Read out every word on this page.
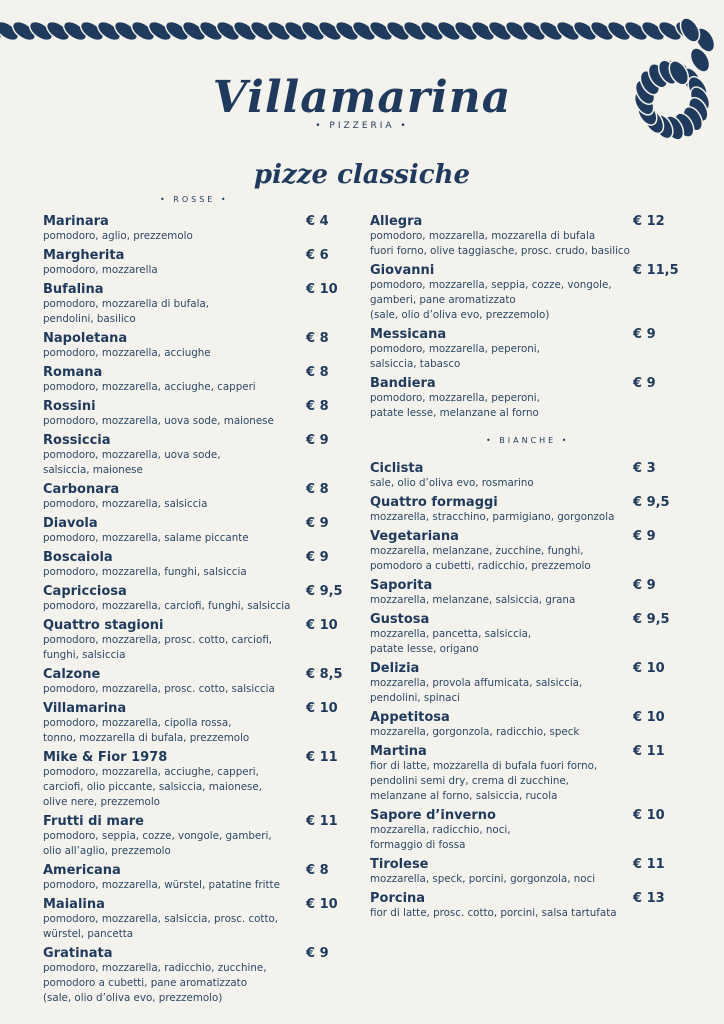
Villamarina
• PIZZERIA •
pizze classiche
• ROSSE •
• BIANCHE •
Marinara	€ 4
pomodoro, aglio, prezzemolo
Margherita	€ 6
pomodoro, mozzarella
Bufalina	€ 10
pomodoro, mozzarella di bufala,
pendolini, basilico
Napoletana	€ 8
pomodoro, mozzarella, acciughe
Romana	€ 8
pomodoro, mozzarella, acciughe, capperi
Rossini	€ 8
pomodoro, mozzarella, uova sode, maionese
Rossiccia	€ 9
pomodoro, mozzarella, uova sode,
salsiccia, maionese
Carbonara	€ 8
pomodoro, mozzarella, salsiccia
Diavola	€ 9
pomodoro, mozzarella, salame piccante
Boscaiola	€ 9
pomodoro, mozzarella, funghi, salsiccia
Capricciosa	€ 9,5
pomodoro, mozzarella, carciofi, funghi, salsiccia
Quattro stagioni	€ 10
pomodoro, mozzarella, prosc. cotto, carciofi,
funghi, salsiccia
Calzone	€ 8,5
pomodoro, mozzarella, prosc. cotto, salsiccia
Villamarina	€ 10
pomodoro, mozzarella, cipolla rossa,
tonno, mozzarella di bufala, prezzemolo
Mike & Fior 1978	€ 11
pomodoro, mozzarella, acciughe, capperi,
carciofi, olio piccante, salsiccia, maionese,
olive nere, prezzemolo
Frutti di mare	€ 11
pomodoro, seppia, cozze, vongole, gamberi,
olio all’aglio, prezzemolo
Americana	€ 8
pomodoro, mozzarella, würstel, patatine fritte
Maialina	€ 10
pomodoro, mozzarella, salsiccia, prosc. cotto,
würstel, pancetta
Gratinata	€ 9
pomodoro, mozzarella, radicchio, zucchine,
pomodoro a cubetti, pane aromatizzato
(sale, olio d’oliva evo, prezzemolo)
Allegra	€ 12
pomodoro, mozzarella, mozzarella di bufala
fuori forno, olive taggiasche, prosc. crudo, basilico
Giovanni	€ 11,5
pomodoro, mozzarella, seppia, cozze, vongole,
gamberi, pane aromatizzato
(sale, olio d’oliva evo, prezzemolo)
Messicana	€ 9
pomodoro, mozzarella, peperoni,
salsiccia, tabasco
Bandiera	€ 9
pomodoro, mozzarella, peperoni,
patate lesse, melanzane al forno
Ciclista	€ 3
sale, olio d’oliva evo, rosmarino
Quattro formaggi	€ 9,5
mozzarella, stracchino, parmigiano, gorgonzola
Vegetariana	€ 9
mozzarella, melanzane, zucchine, funghi,
pomodoro a cubetti, radicchio, prezzemolo
Saporita	€ 9
mozzarella, melanzane, salsiccia, grana
Gustosa	€ 9,5
mozzarella, pancetta, salsiccia,
patate lesse, origano
Delizia	€ 10
mozzarella, provola affumicata, salsiccia,
pendolini, spinaci
Appetitosa	€ 10
mozzarella, gorgonzola, radicchio, speck
Martina	€ 11
fior di latte, mozzarella di bufala fuori forno,
pendolini semi dry, crema di zucchine,
melanzane al forno, salsiccia, rucola
Sapore d’inverno	€ 10
mozzarella, radicchio, noci,
formaggio di fossa
Tirolese	€ 11
mozzarella, speck, porcini, gorgonzola, noci
Porcina	€ 13
fior di latte, prosc. cotto, porcini, salsa tartufata
